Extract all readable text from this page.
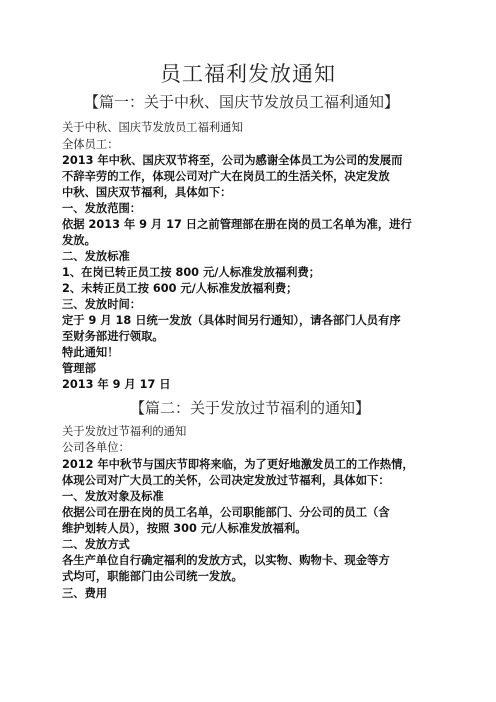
员工福利发放通知
【篇一：关于中秋、国庆节发放员工福利通知】
关于中秋、国庆节发放员工福利通知
全体员工：
2013 年中秋、国庆双节将至，公司为感谢全体员工为公司的发展而
不辞辛劳的工作，体现公司对广大在岗员工的生活关怀，决定发放
中秋、国庆双节福利，具体如下：
一、发放范围：
依据 2013 年 9 月 17 日之前管理部在册在岗的员工名单为准，进行
发放。
二、发放标准
1、在岗已转正员工按 800 元/人标准发放福利费；
2、未转正员工按 600 元/人标准发放福利费；
三、发放时间：
定于 9 月 18 日统一发放（具体时间另行通知），请各部门人员有序
至财务部进行领取。
特此通知！
管理部
2013 年 9 月 17 日
【篇二：关于发放过节福利的通知】
关于发放过节福利的通知
公司各单位：
2012 年中秋节与国庆节即将来临，为了更好地激发员工的工作热情，
体现公司对广大员工的关怀，公司决定发放过节福利，具体如下：
一、发放对象及标准
依据公司在册在岗的员工名单，公司职能部门、分公司的员工（含
维护划转人员），按照 300 元/人标准发放福利。
二、发放方式
各生产单位自行确定福利的发放方式，以实物、购物卡、现金等方
式均可，职能部门由公司统一发放。
三、费用
